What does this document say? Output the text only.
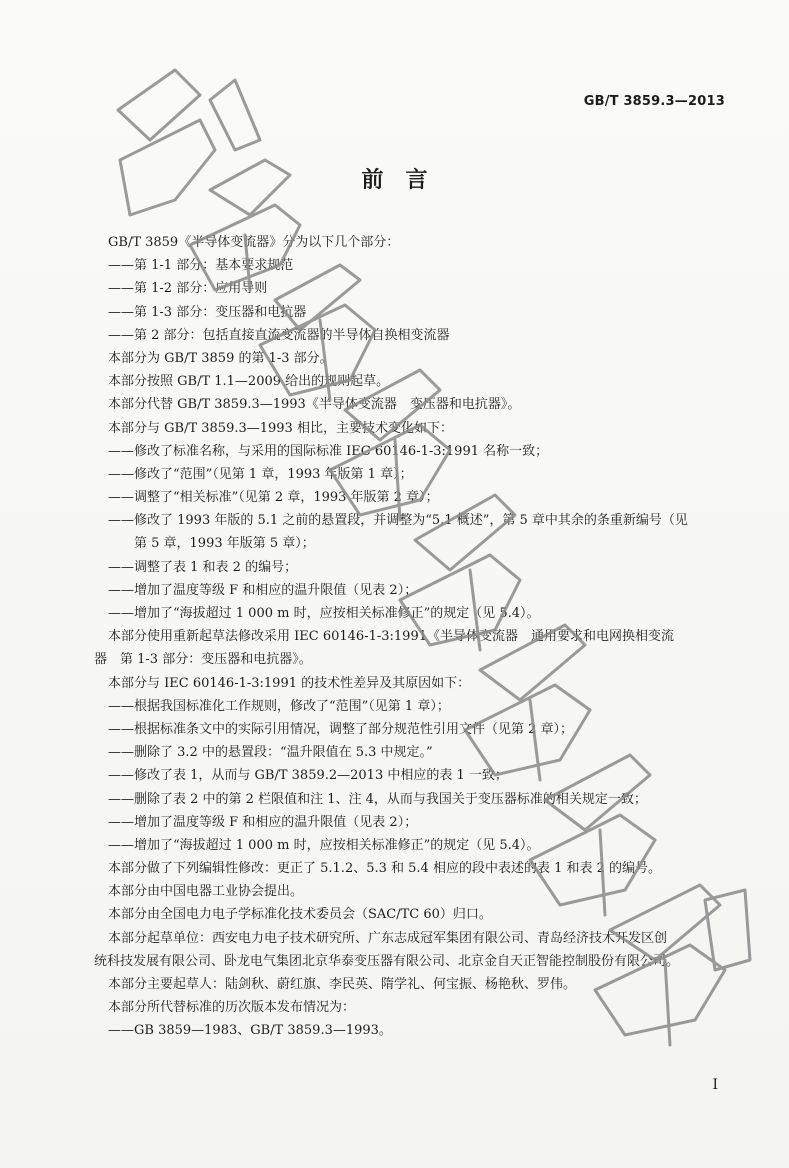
GB/T 3859.3—2013
前言
GB/T 3859《半导体变流器》分为以下几个部分：
——第 1-1 部分：基本要求规范
——第 1-2 部分：应用导则
——第 1-3 部分：变压器和电抗器
——第 2 部分：包括直接直流变流器的半导体自换相变流器
本部分为 GB/T 3859 的第 1-3 部分。
本部分按照 GB/T 1.1—2009 给出的规则起草。
本部分代替 GB/T 3859.3—1993《半导体变流器　变压器和电抗器》。
本部分与 GB/T 3859.3—1993 相比，主要技术变化如下：
——修改了标准名称，与采用的国际标准 IEC 60146-1-3:1991 名称一致；
——修改了“范围”（见第 1 章，1993 年版第 1 章）；
——调整了“相关标准”（见第 2 章，1993 年版第 2 章）；
——修改了 1993 年版的 5.1 之前的悬置段，并调整为“5.1 概述”，第 5 章中其余的条重新编号（见
　　第 5 章，1993 年版第 5 章）；
——调整了表 1 和表 2 的编号；
——增加了温度等级 F 和相应的温升限值（见表 2）；
——增加了“海拔超过 1 000 m 时，应按相关标准修正”的规定（见 5.4）。
本部分使用重新起草法修改采用 IEC 60146-1-3:1991《半导体变流器　通用要求和电网换相变流
器　第 1-3 部分：变压器和电抗器》。
本部分与 IEC 60146-1-3:1991 的技术性差异及其原因如下：
——根据我国标准化工作规则，修改了“范围”（见第 1 章）；
——根据标准条文中的实际引用情况，调整了部分规范性引用文件（见第 2 章）；
——删除了 3.2 中的悬置段：“温升限值在 5.3 中规定。”
——修改了表 1，从而与 GB/T 3859.2—2013 中相应的表 1 一致；
——删除了表 2 中的第 2 栏限值和注 1、注 4，从而与我国关于变压器标准的相关规定一致；
——增加了温度等级 F 和相应的温升限值（见表 2）；
——增加了“海拔超过 1 000 m 时，应按相关标准修正”的规定（见 5.4）。
本部分做了下列编辑性修改：更正了 5.1.2、5.3 和 5.4 相应的段中表述的表 1 和表 2 的编号。
本部分由中国电器工业协会提出。
本部分由全国电力电子学标准化技术委员会（SAC/TC 60）归口。
本部分起草单位：西安电力电子技术研究所、广东志成冠军集团有限公司、青岛经济技术开发区创
统科技发展有限公司、卧龙电气集团北京华泰变压器有限公司、北京金自天正智能控制股份有限公司。
本部分主要起草人：陆剑秋、蔚红旗、李民英、隋学礼、何宝振、杨艳秋、罗伟。
本部分所代替标准的历次版本发布情况为：
——GB 3859—1983、GB/T 3859.3—1993。
I
